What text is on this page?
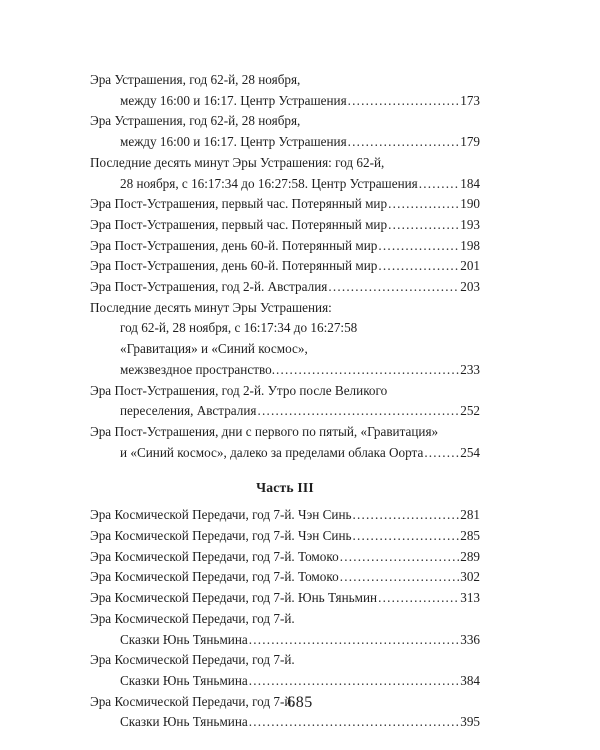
Эра Устрашения, год 62-й, 28 ноября,
между 16:00 и 16:17. Центр Устрашения .....	173
Эра Устрашения, год 62-й, 28 ноября,
между 16:00 и 16:17. Центр Устрашения .....	179
Последние десять минут Эры Устрашения: год 62-й,
28 ноября, с 16:17:34 до 16:27:58. Центр Устрашения .....	184
Эра Пост-Устрашения, первый час. Потерянный мир .....	190
Эра Пост-Устрашения, первый час. Потерянный мир .....	193
Эра Пост-Устрашения, день 60-й. Потерянный мир .....	198
Эра Пост-Устрашения, день 60-й. Потерянный мир .....	201
Эра Пост-Устрашения, год 2-й. Австралия .....	203
Последние десять минут Эры Устрашения:
год 62-й, 28 ноября, с 16:17:34 до 16:27:58
«Гравитация» и «Синий космос»,
межзвездное пространство. .....	233
Эра Пост-Устрашения, год 2-й. Утро после Великого
переселения, Австралия .....	252
Эра Пост-Устрашения, дни с первого по пятый, «Гравитация»
и «Синий космос», далеко за пределами облака Оорта .....	254
Часть III
Эра Космической Передачи, год 7-й. Чэн Синь .....	281
Эра Космической Передачи, год 7-й. Чэн Синь .....	285
Эра Космической Передачи, год 7-й. Томоко .....	289
Эра Космической Передачи, год 7-й. Томоко .....	302
Эра Космической Передачи, год 7-й. Юнь Тяньмин .....	313
Эра Космической Передачи, год 7-й.
Сказки Юнь Тяньмина .....	336
Эра Космической Передачи, год 7-й.
Сказки Юнь Тяньмина .....	384
Эра Космической Передачи, год 7-й.
Сказки Юнь Тяньмина .....	395
685
